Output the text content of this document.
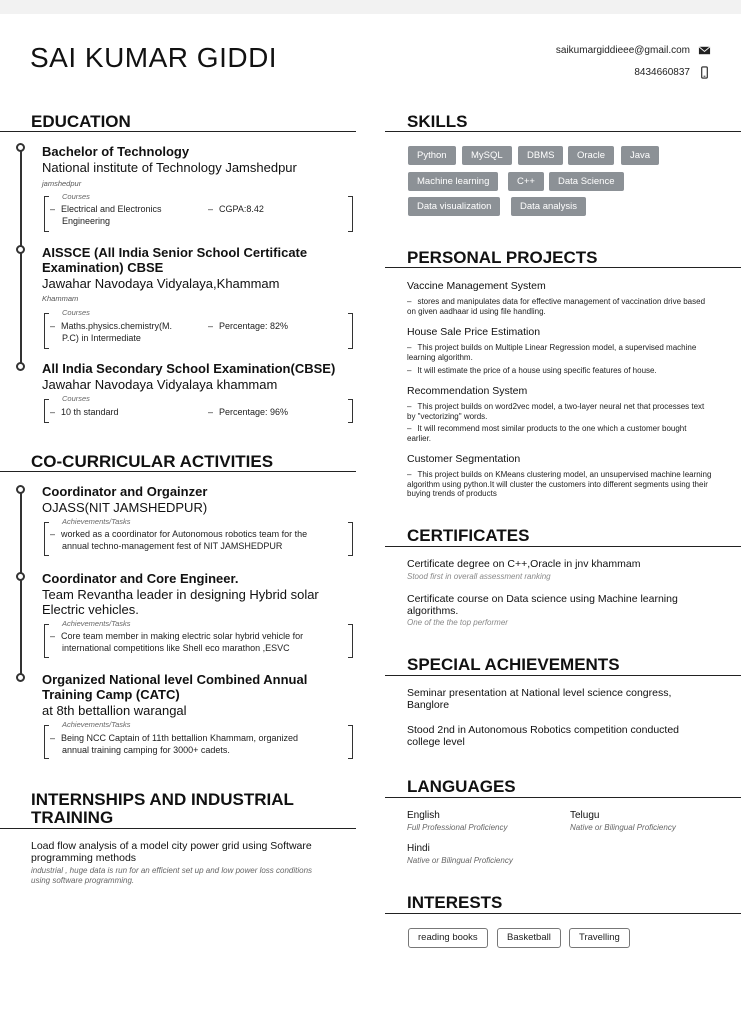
SAI KUMAR GIDDI	saikumargiddieee@gmail.com
8434660837
EDUCATION
Bachelor of Technology
National institute of Technology Jamshedpur
jamshedpur
Courses
– Electrical and Electronics
Engineering
– CGPA:8.42
AISSCE (All India Senior School Certificate
Examination) CBSE
Jawahar Navodaya Vidyalaya,Khammam
Khammam
Courses
– Maths.physics.chemistry(M.
P.C) in Intermediate
– Percentage: 82%
All India Secondary School Examination(CBSE)
Jawahar Navodaya Vidyalaya khammam
Courses
– 10 th standard
–	Percentage: 96%
CO-CURRICULAR ACTIVITIES
Coordinator and Orgainzer
OJASS(NIT JAMSHEDPUR)
Achievements/Tasks
– worked as a coordinator for Autonomous robotics team for the
annual techno-management fest of NIT JAMSHEDPUR
Coordinator and Core Engineer.
Team Revantha leader in designing Hybrid solar
Electric vehicles.
Achievements/Tasks
– Core team member in making electric solar hybrid vehicle for
international competitions like Shell eco marathon ,ESVC
Organized National level Combined Annual
Training Camp (CATC)
at 8th bettallion warangal
Achievements/Tasks
– Being NCC Captain of 11th bettallion Khammam, organized
annual training camping for 3000+ cadets.
INTERNSHIPS AND INDUSTRIAL
TRAINING
Load flow analysis of a model city power grid using Software
programming methods
industrial , huge data is run for an efficient set up and low power loss conditions
using software programming.
SKILLS
Python	MySQL	DBMS	Oracle	Java
Machine learning	C++	Data Science
Data visualization	Data analysis
PERSONAL PROJECTS
Vaccine Management System
– stores and manipulates data for effective management of vaccination drive based on given aadhaar id using file handling.
House Sale Price Estimation
– This project builds on Multiple Linear Regression model, a supervised machine learning algorithm.
– It will estimate the price of a house using specific features of house.
Recommendation System
– This project builds on word2vec model, a two-layer neural net that processes text by "vectorizing" words.
– It will recommend most similar products to the one which a customer bought earlier.
Customer Segmentation
– This project builds on KMeans clustering model, an unsupervised machine learning algorithm using python.It will cluster the customers into different segments using their buying trends of products
CERTIFICATES
Certificate degree on C++,Oracle in jnv khammam
Stood first in overall assessment ranking
Certificate course on Data science using Machine learning
algorithms.
One of the the top performer
SPECIAL ACHIEVEMENTS
Seminar presentation at National level science congress,
Banglore
Stood 2nd in Autonomous Robotics competition conducted
college level
LANGUAGES
English
Full Professional Proficiency
Telugu
Native or Bilingual Proficiency
Hindi
Native or Bilingual Proficiency
INTERESTS
reading books	Basketball	Travelling
